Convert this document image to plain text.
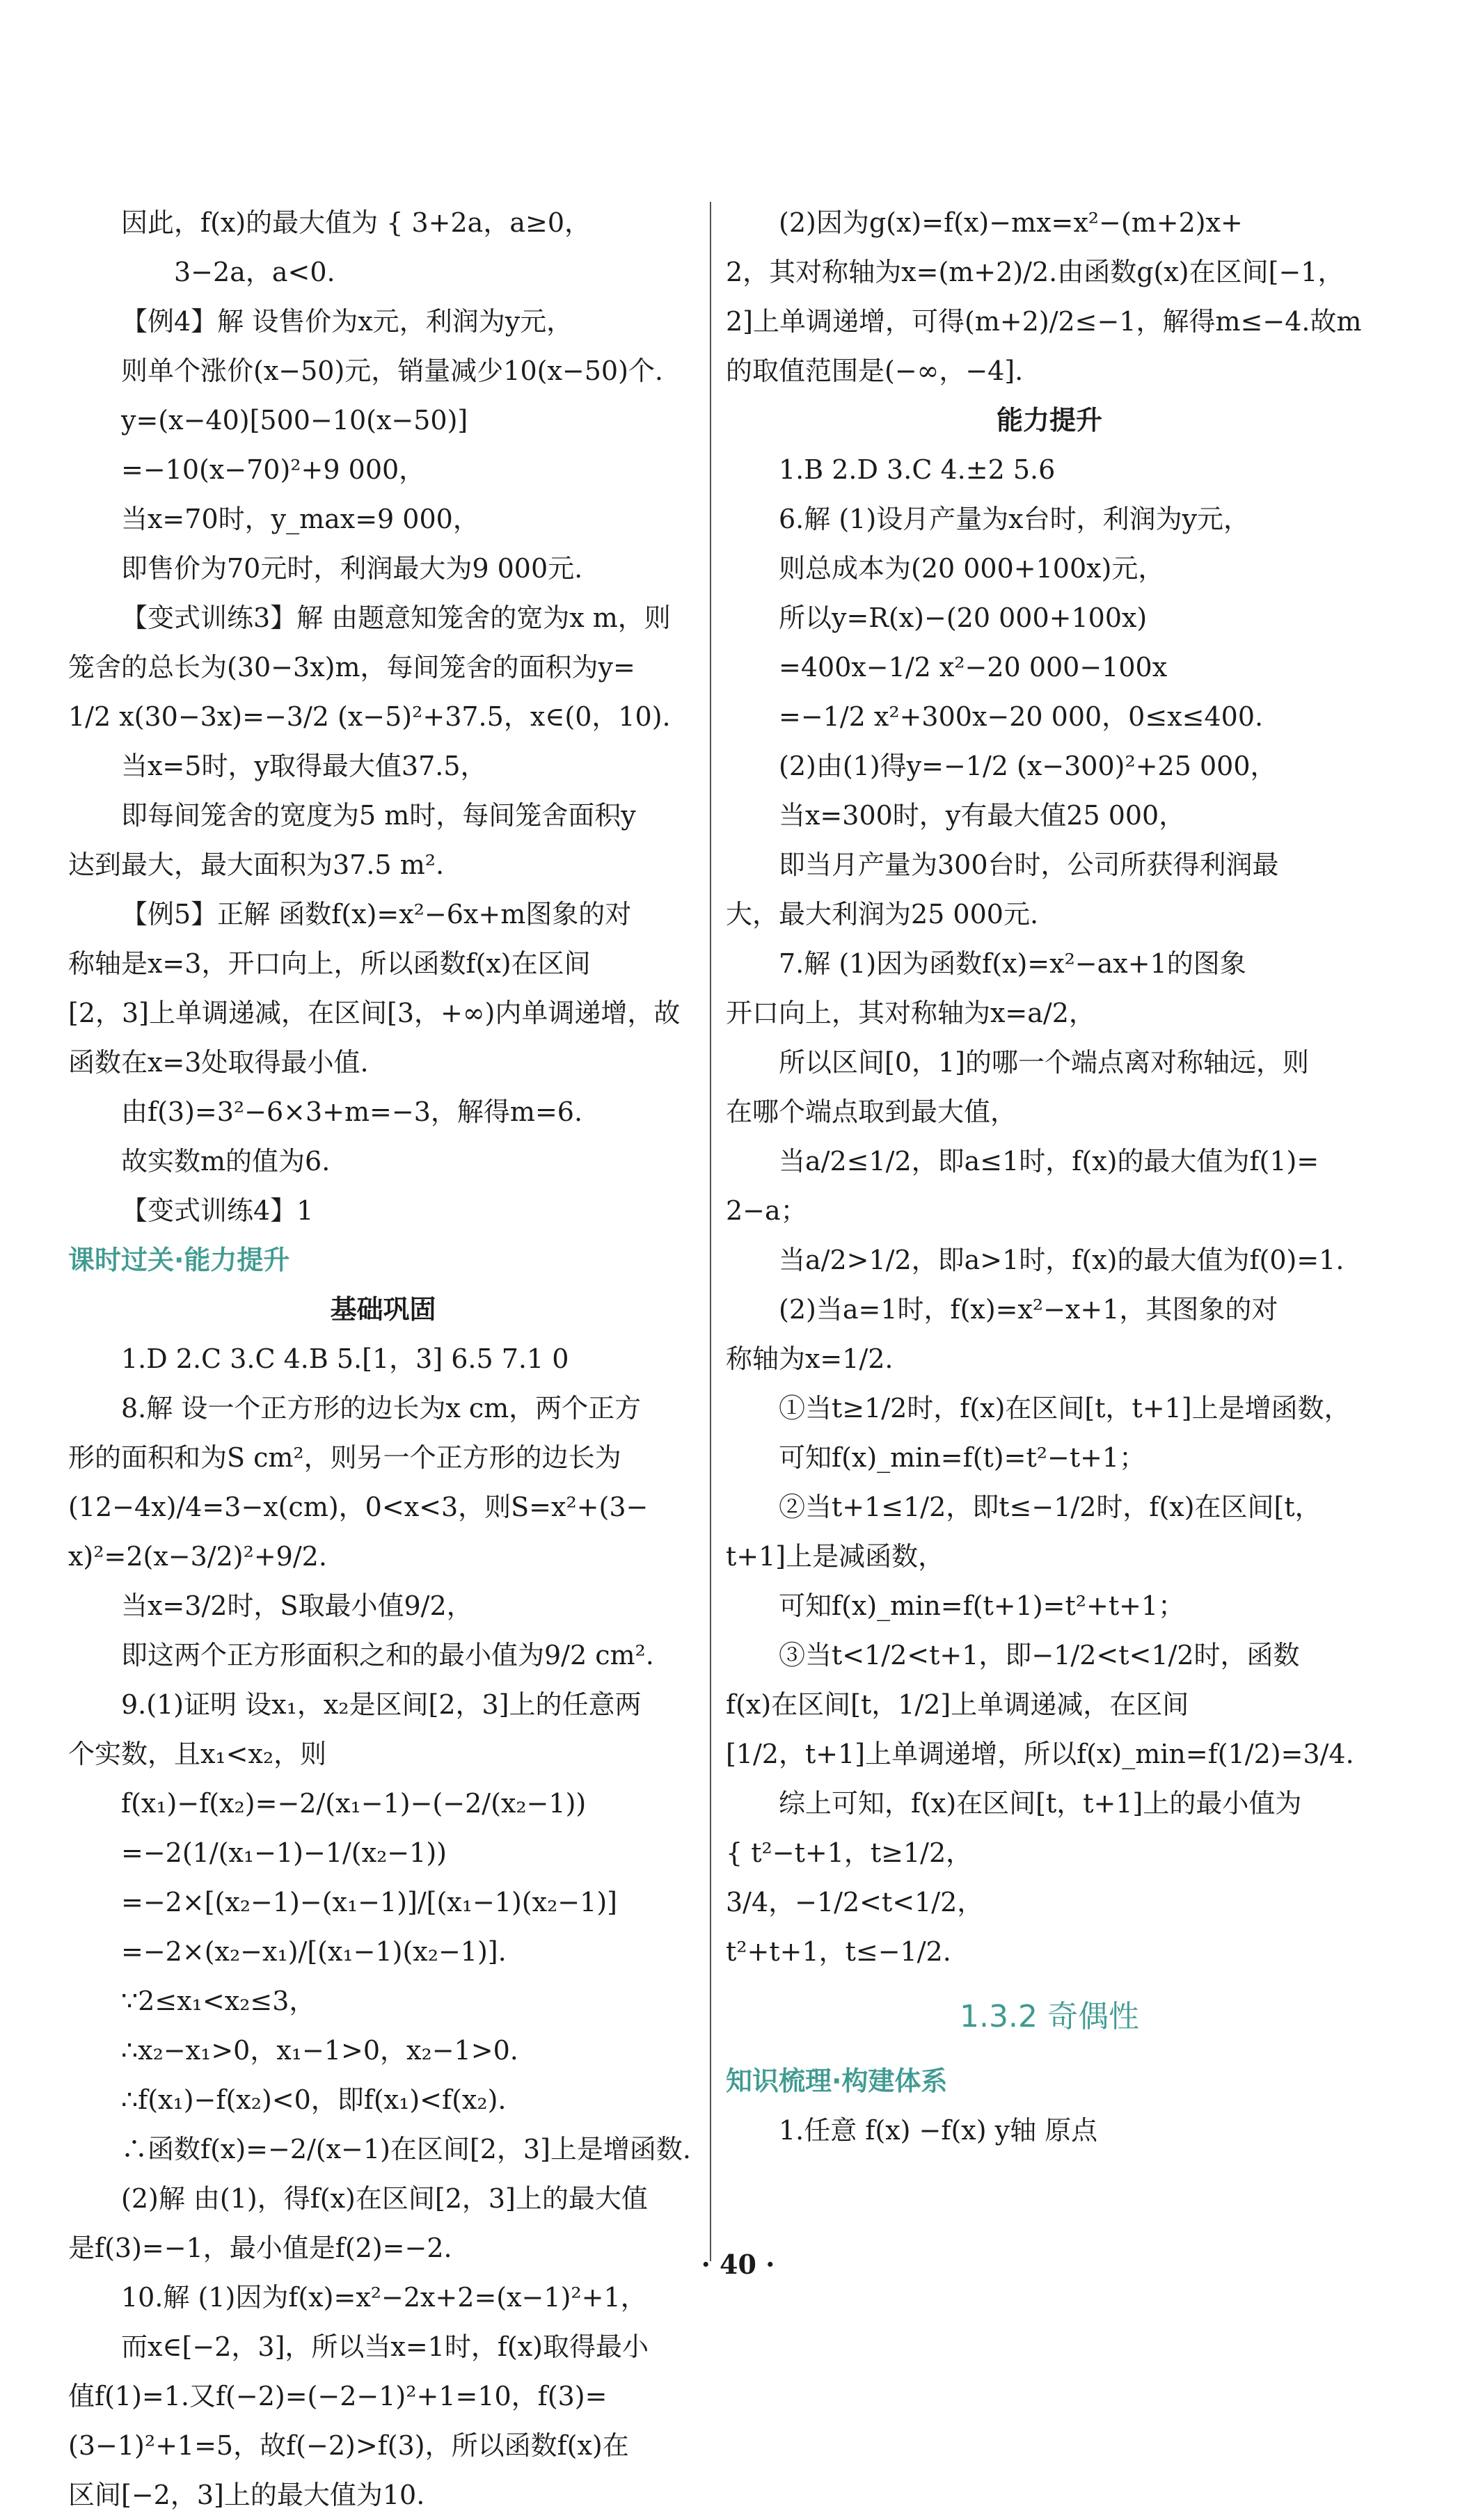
因此，f(x)的最大值为 { 3+2a，a≥0，
3−2a，a<0.
【例4】解 设售价为x元，利润为y元，
则单个涨价(x−50)元，销量减少10(x−50)个.
y=(x−40)[500−10(x−50)]
=−10(x−70)²+9 000，
当x=70时，y_max=9 000，
即售价为70元时，利润最大为9 000元.
【变式训练3】解 由题意知笼舍的宽为x m，则
笼舍的总长为(30−3x)m，每间笼舍的面积为y=
1/2 x(30−3x)=−3/2 (x−5)²+37.5，x∈(0，10).
当x=5时，y取得最大值37.5，
即每间笼舍的宽度为5 m时，每间笼舍面积y
达到最大，最大面积为37.5 m².
【例5】正解 函数f(x)=x²−6x+m图象的对
称轴是x=3，开口向上，所以函数f(x)在区间
[2，3]上单调递减，在区间[3，+∞)内单调递增，故
函数在x=3处取得最小值.
由f(3)=3²−6×3+m=−3，解得m=6.
故实数m的值为6.
【变式训练4】1
课时过关·能力提升
基础巩固
1.D 2.C 3.C 4.B 5.[1，3] 6.5 7.1 0
8.解 设一个正方形的边长为x cm，两个正方
形的面积和为S cm²，则另一个正方形的边长为
(12−4x)/4=3−x(cm)，0<x<3，则S=x²+(3−
x)²=2(x−3/2)²+9/2.
当x=3/2时，S取最小值9/2，
即这两个正方形面积之和的最小值为9/2 cm².
9.(1)证明 设x₁，x₂是区间[2，3]上的任意两
个实数，且x₁<x₂，则
f(x₁)−f(x₂)=−2/(x₁−1)−(−2/(x₂−1))
=−2(1/(x₁−1)−1/(x₂−1))
=−2×[(x₂−1)−(x₁−1)]/[(x₁−1)(x₂−1)]
=−2×(x₂−x₁)/[(x₁−1)(x₂−1)].
∵2≤x₁<x₂≤3，
∴x₂−x₁>0，x₁−1>0，x₂−1>0.
∴f(x₁)−f(x₂)<0，即f(x₁)<f(x₂).
∴函数f(x)=−2/(x−1)在区间[2，3]上是增函数.
(2)解 由(1)，得f(x)在区间[2，3]上的最大值
是f(3)=−1，最小值是f(2)=−2.
10.解 (1)因为f(x)=x²−2x+2=(x−1)²+1，
而x∈[−2，3]，所以当x=1时，f(x)取得最小
值f(1)=1.又f(−2)=(−2−1)²+1=10，f(3)=
(3−1)²+1=5，故f(−2)>f(3)，所以函数f(x)在
区间[−2，3]上的最大值为10.
(2)因为g(x)=f(x)−mx=x²−(m+2)x+
2，其对称轴为x=(m+2)/2.由函数g(x)在区间[−1，
2]上单调递增，可得(m+2)/2≤−1，解得m≤−4.故m
的取值范围是(−∞，−4].
能力提升
1.B 2.D 3.C 4.±2 5.6
6.解 (1)设月产量为x台时，利润为y元，
则总成本为(20 000+100x)元，
所以y=R(x)−(20 000+100x)
=400x−1/2 x²−20 000−100x
=−1/2 x²+300x−20 000，0≤x≤400.
(2)由(1)得y=−1/2 (x−300)²+25 000，
当x=300时，y有最大值25 000，
即当月产量为300台时，公司所获得利润最
大，最大利润为25 000元.
7.解 (1)因为函数f(x)=x²−ax+1的图象
开口向上，其对称轴为x=a/2，
所以区间[0，1]的哪一个端点离对称轴远，则
在哪个端点取到最大值，
当a/2≤1/2，即a≤1时，f(x)的最大值为f(1)=
2−a；
当a/2>1/2，即a>1时，f(x)的最大值为f(0)=1.
(2)当a=1时，f(x)=x²−x+1，其图象的对
称轴为x=1/2.
①当t≥1/2时，f(x)在区间[t，t+1]上是增函数，
可知f(x)_min=f(t)=t²−t+1；
②当t+1≤1/2，即t≤−1/2时，f(x)在区间[t，
t+1]上是减函数，
可知f(x)_min=f(t+1)=t²+t+1；
③当t<1/2<t+1，即−1/2<t<1/2时，函数
f(x)在区间[t，1/2]上单调递减，在区间
[1/2，t+1]上单调递增，所以f(x)_min=f(1/2)=3/4.
综上可知，f(x)在区间[t，t+1]上的最小值为
{ t²−t+1，t≥1/2，
3/4，−1/2<t<1/2，
t²+t+1，t≤−1/2.
1.3.2 奇偶性
知识梳理·构建体系
1.任意 f(x) −f(x) y轴 原点
· 40 ·
